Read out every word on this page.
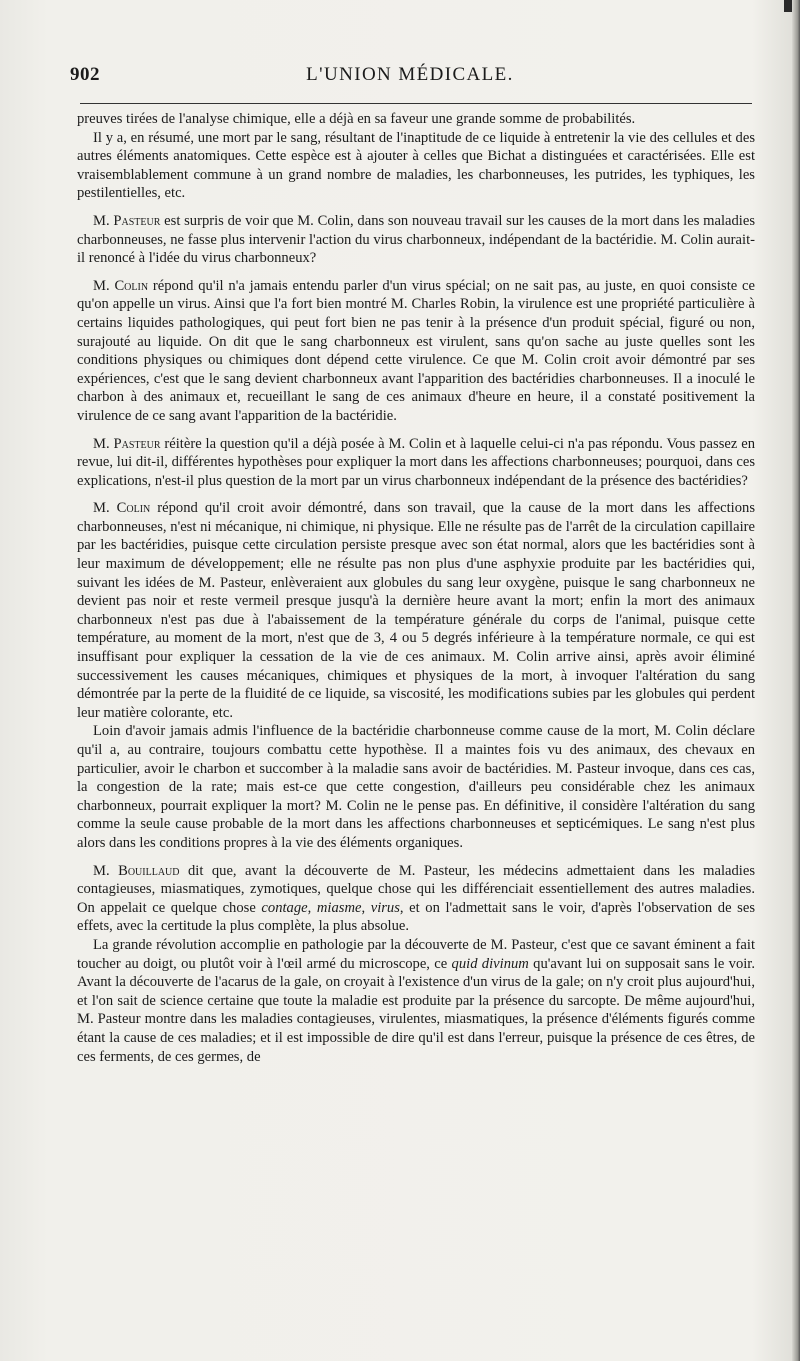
902	L'UNION MÉDICALE.

preuves tirées de l'analyse chimique, elle a déjà en sa faveur une grande somme de probabilités.

Il y a, en résumé, une mort par le sang, résultant de l'inaptitude de ce liquide à entretenir la vie des cellules et des autres éléments anatomiques. Cette espèce est à ajouter à celles que Bichat a distinguées et caractérisées. Elle est vraisemblablement commune à un grand nombre de maladies, les charbonneuses, les putrides, les typhiques, les pestilentielles, etc.

M. Pasteur est surpris de voir que M. Colin, dans son nouveau travail sur les causes de la mort dans les maladies charbonneuses, ne fasse plus intervenir l'action du virus charbonneux, indépendant de la bactéridie. M. Colin aurait-il renoncé à l'idée du virus charbonneux?

M. Colin répond qu'il n'a jamais entendu parler d'un virus spécial; on ne sait pas, au juste, en quoi consiste ce qu'on appelle un virus. Ainsi que l'a fort bien montré M. Charles Robin, la virulence est une propriété particulière à certains liquides pathologiques, qui peut fort bien ne pas tenir à la présence d'un produit spécial, figuré ou non, surajouté au liquide. On dit que le sang charbonneux est virulent, sans qu'on sache au juste quelles sont les conditions physiques ou chimiques dont dépend cette virulence. Ce que M. Colin croit avoir démontré par ses expériences, c'est que le sang devient charbonneux avant l'apparition des bactéridies charbonneuses. Il a inoculé le charbon à des animaux et, recueillant le sang de ces animaux d'heure en heure, il a constaté positivement la virulence de ce sang avant l'apparition de la bactéridie.

M. Pasteur réitère la question qu'il a déjà posée à M. Colin et à laquelle celui-ci n'a pas répondu. Vous passez en revue, lui dit-il, différentes hypothèses pour expliquer la mort dans les affections charbonneuses; pourquoi, dans ces explications, n'est-il plus question de la mort par un virus charbonneux indépendant de la présence des bactéridies?

M. Colin répond qu'il croit avoir démontré, dans son travail, que la cause de la mort dans les affections charbonneuses, n'est ni mécanique, ni chimique, ni physique. Elle ne résulte pas de l'arrêt de la circulation capillaire par les bactéridies, puisque cette circulation persiste presque avec son état normal, alors que les bactéridies sont à leur maximum de développement; elle ne résulte pas non plus d'une asphyxie produite par les bactéridies qui, suivant les idées de M. Pasteur, enlèveraient aux globules du sang leur oxygène, puisque le sang charbonneux ne devient pas noir et reste vermeil presque jusqu'à la dernière heure avant la mort; enfin la mort des animaux charbonneux n'est pas due à l'abaissement de la température générale du corps de l'animal, puisque cette température, au moment de la mort, n'est que de 3, 4 ou 5 degrés inférieure à la température normale, ce qui est insuffisant pour expliquer la cessation de la vie de ces animaux. M. Colin arrive ainsi, après avoir éliminé successivement les causes mécaniques, chimiques et physiques de la mort, à invoquer l'altération du sang démontrée par la perte de la fluidité de ce liquide, sa viscosité, les modifications subies par les globules qui perdent leur matière colorante, etc.

Loin d'avoir jamais admis l'influence de la bactéridie charbonneuse comme cause de la mort, M. Colin déclare qu'il a, au contraire, toujours combattu cette hypothèse. Il a maintes fois vu des animaux, des chevaux en particulier, avoir le charbon et succomber à la maladie sans avoir de bactéridies. M. Pasteur invoque, dans ces cas, la congestion de la rate; mais est-ce que cette congestion, d'ailleurs peu considérable chez les animaux charbonneux, pourrait expliquer la mort? M. Colin ne le pense pas. En définitive, il considère l'altération du sang comme la seule cause probable de la mort dans les affections charbonneuses et septicémiques. Le sang n'est plus alors dans les conditions propres à la vie des éléments organiques.

M. Bouillaud dit que, avant la découverte de M. Pasteur, les médecins admettaient dans les maladies contagieuses, miasmatiques, zymotiques, quelque chose qui les différenciait essentiellement des autres maladies. On appelait ce quelque chose contage, miasme, virus, et on l'admettait sans le voir, d'après l'observation de ses effets, avec la certitude la plus complète, la plus absolue.

La grande révolution accomplie en pathologie par la découverte de M. Pasteur, c'est que ce savant éminent a fait toucher au doigt, ou plutôt voir à l'œil armé du microscope, ce quid divinum qu'avant lui on supposait sans le voir. Avant la découverte de l'acarus de la gale, on croyait à l'existence d'un virus de la gale; on n'y croit plus aujourd'hui, et l'on sait de science certaine que toute la maladie est produite par la présence du sarcopte. De même aujourd'hui, M. Pasteur montre dans les maladies contagieuses, virulentes, miasmatiques, la présence d'éléments figurés comme étant la cause de ces maladies; et il est impossible de dire qu'il est dans l'erreur, puisque la présence de ces êtres, de ces ferments, de ces germes, de
